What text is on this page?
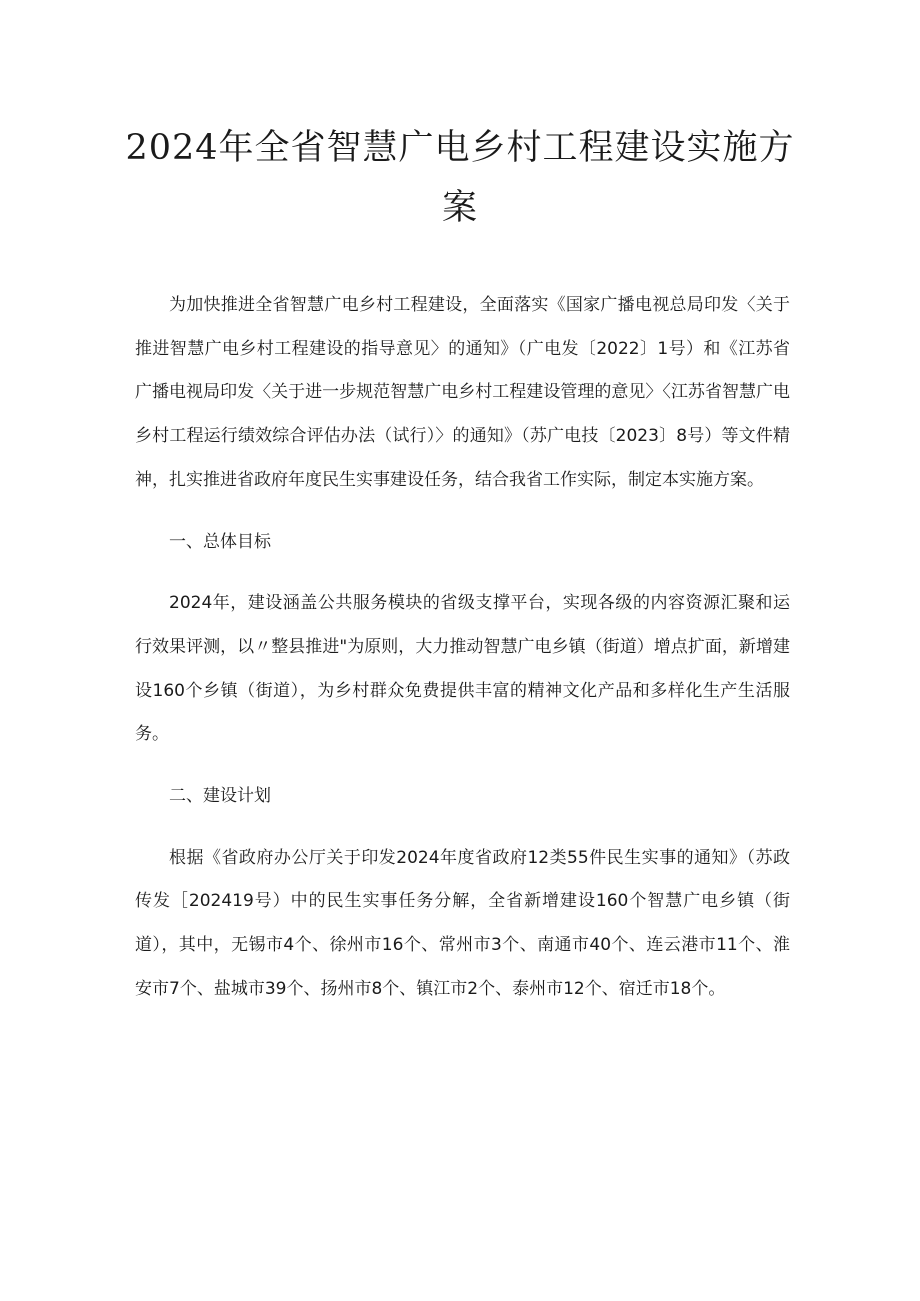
2024年全省智慧广电乡村工程建设实施方案

为加快推进全省智慧广电乡村工程建设，全面落实《国家广播电视总局印发〈关于推进智慧广电乡村工程建设的指导意见〉的通知》（广电发〔2022〕1号）和《江苏省广播电视局印发〈关于进一步规范智慧广电乡村工程建设管理的意见〉〈江苏省智慧广电乡村工程运行绩效综合评估办法（试行）〉的通知》（苏广电技〔2023〕8号）等文件精神，扎实推进省政府年度民生实事建设任务，结合我省工作实际，制定本实施方案。

一、总体目标

2024年，建设涵盖公共服务模块的省级支撑平台，实现各级的内容资源汇聚和运行效果评测，以〃整县推进"为原则，大力推动智慧广电乡镇（街道）增点扩面，新增建设160个乡镇（街道），为乡村群众免费提供丰富的精神文化产品和多样化生产生活服务。

二、建设计划

根据《省政府办公厅关于印发2024年度省政府12类55件民生实事的通知》（苏政传发［202419号）中的民生实事任务分解，全省新增建设160个智慧广电乡镇（街道），其中，无锡市4个、徐州市16个、常州市3个、南通市40个、连云港市11个、淮安市7个、盐城市39个、扬州市8个、镇江市2个、泰州市12个、宿迁市18个。
